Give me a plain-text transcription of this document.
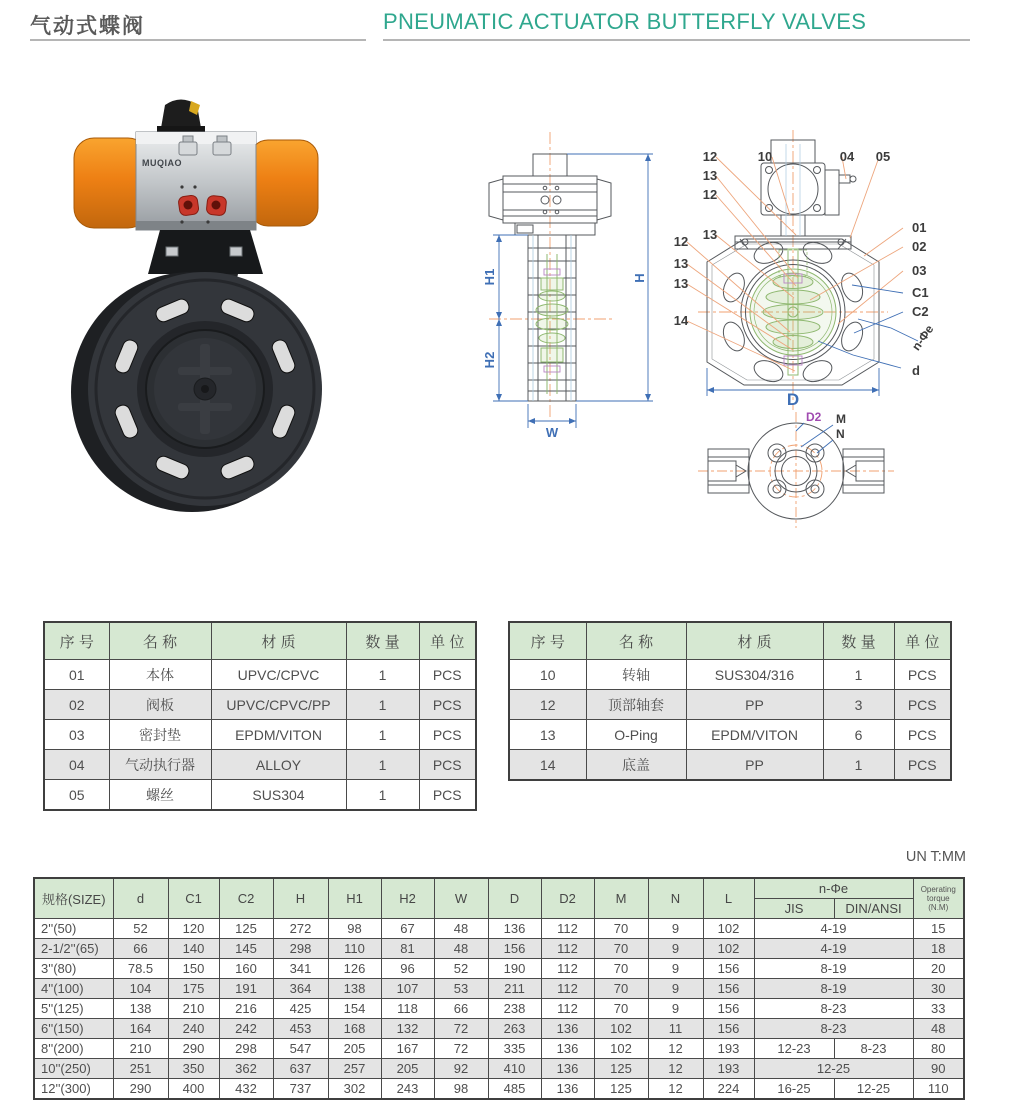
气动式蝶阀	PNEUMATIC ACTUATOR BUTTERFLY VALVES
MUQIAO
H1
H2
H
W
12
13
12
13
12
13
13
14
10	04 05
01
02
03
C1
C2
d
n-Φe
D
D2 M
N
序 号	名 称	材 质	数 量	单 位
01	本体	UPVC/CPVC	1	PCS
02	阀板	UPVC/CPVC/PP	1	PCS
03	密封垫	EPDM/VITON	1	PCS
04	气动执行器	ALLOY	1	PCS
05	螺丝	SUS304	1	PCS
序 号	名 称	材 质	数 量	单 位
10	转轴	SUS304/316	1	PCS
12	顶部轴套	PP	3	PCS
13	O-Ping	EPDM/VITON	6	PCS
14	底盖	PP	1	PCS
UN T:MM
规格(SIZE)	d	C1	C2	H	H1	H2	W	D	D2	M	N	L	n-Φe		Operating
torque
(N.M)
													JIS	DIN/ANSI	
2''(50)	52	120	125	272	98	67	48	136	112	70	9	102	4-19		15
2-1/2''(65)	66	140	145	298	110	81	48	156	112	70	9	102	4-19		18
3''(80)	78.5	150	160	341	126	96	52	190	112	70	9	156	8-19		20
4''(100)	104	175	191	364	138	107	53	211	112	70	9	156	8-19		30
5''(125)	138	210	216	425	154	118	66	238	112	70	9	156	8-23		33
6''(150)	164	240	242	453	168	132	72	263	136	102	11	156	8-23		48
8''(200)	210	290	298	547	205	167	72	335	136	102	12	193	12-23	8-23	80
10''(250)	251	350	362	637	257	205	92	410	136	125	12	193	12-25		90
12''(300)	290	400	432	737	302	243	98	485	136	125	12	224	16-25	12-25	110
